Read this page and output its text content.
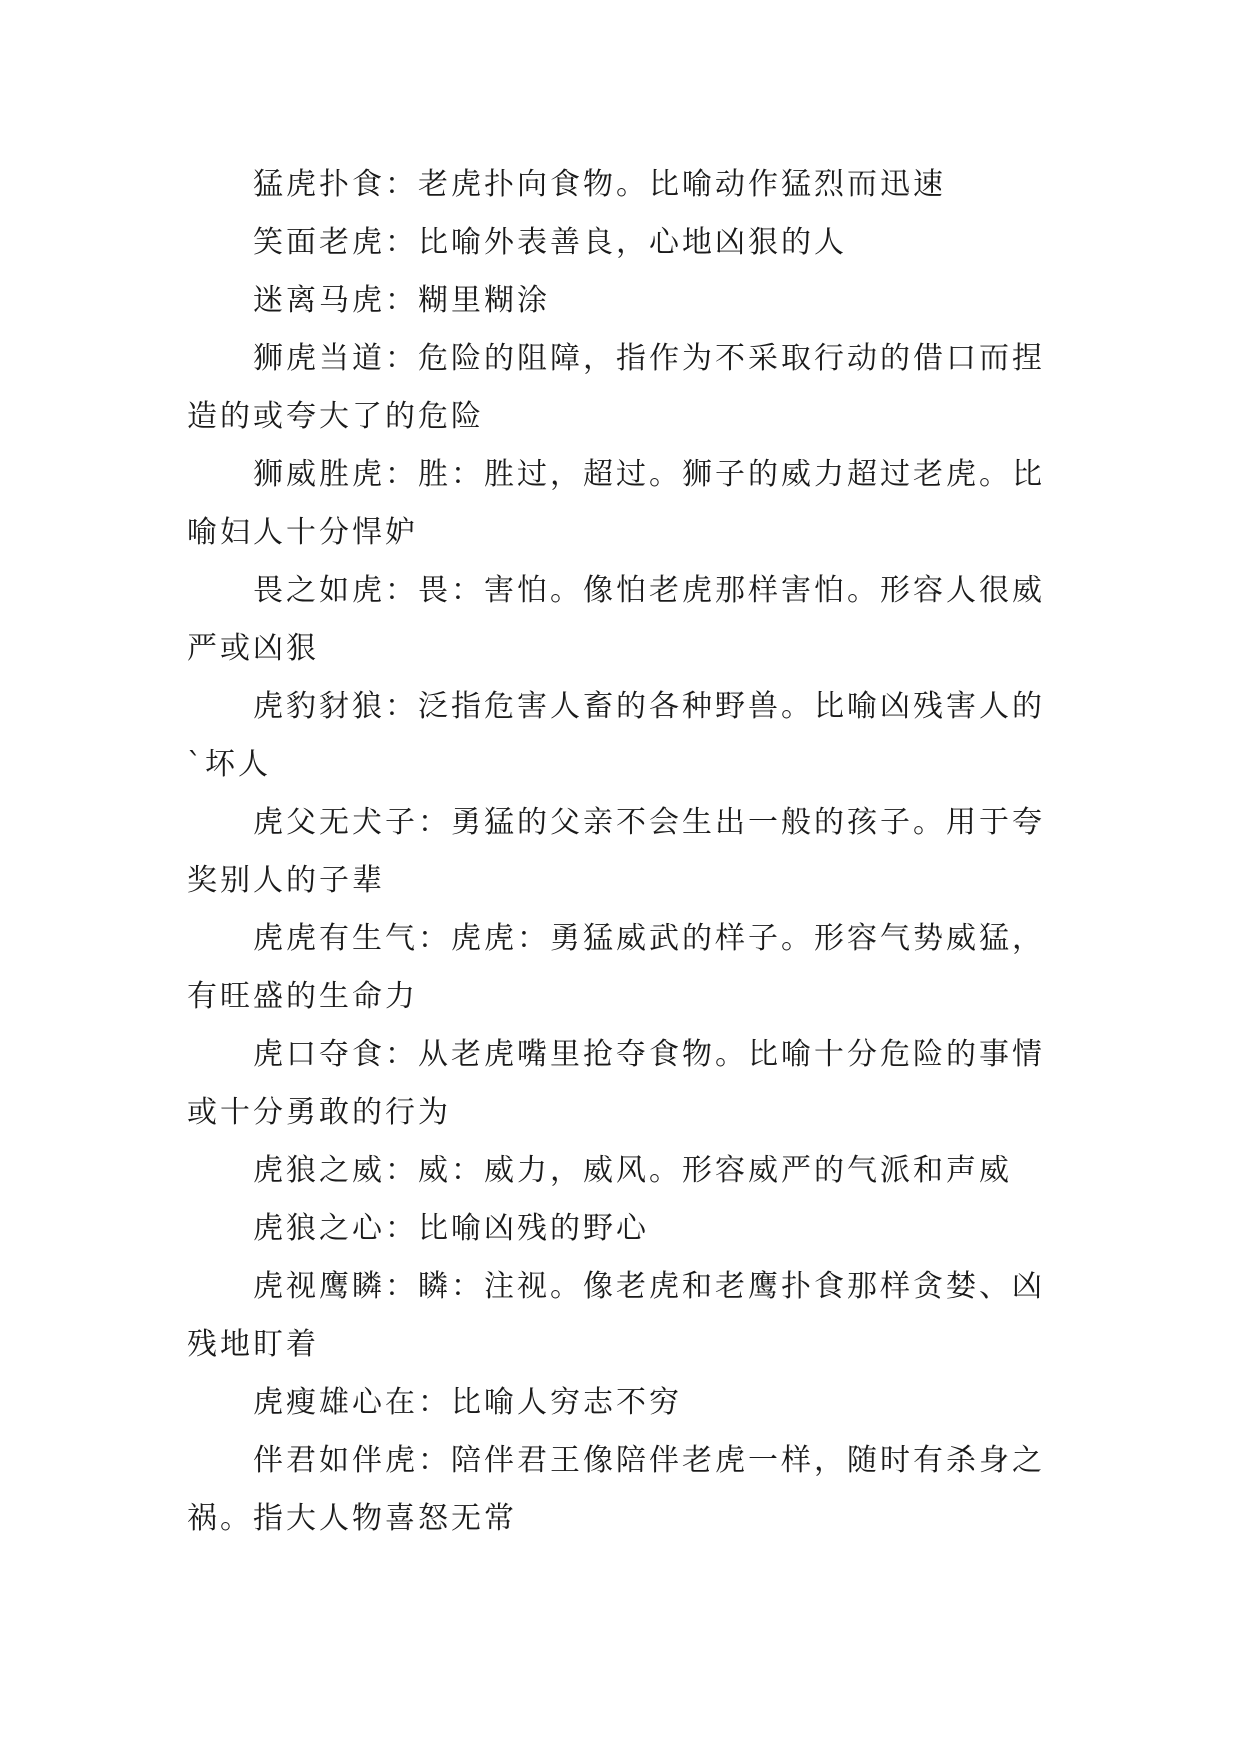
猛虎扑食：老虎扑向食物。比喻动作猛烈而迅速

笑面老虎：比喻外表善良，心地凶狠的人

迷离马虎：糊里糊涂

狮虎当道：危险的阻障，指作为不采取行动的借口而捏造的或夸大了的危险

狮威胜虎：胜：胜过，超过。狮子的威力超过老虎。比喻妇人十分悍妒

畏之如虎：畏：害怕。像怕老虎那样害怕。形容人很威严或凶狠

虎豹豺狼：泛指危害人畜的各种野兽。比喻凶残害人的`坏人

虎父无犬子：勇猛的父亲不会生出一般的孩子。用于夸奖别人的子辈

虎虎有生气：虎虎：勇猛威武的样子。形容气势威猛，有旺盛的生命力

虎口夺食：从老虎嘴里抢夺食物。比喻十分危险的事情或十分勇敢的行为

虎狼之威：威：威力，威风。形容威严的气派和声威

虎狼之心：比喻凶残的野心

虎视鹰瞵：瞵：注视。像老虎和老鹰扑食那样贪婪、凶残地盯着

虎瘦雄心在：比喻人穷志不穷

伴君如伴虎：陪伴君王像陪伴老虎一样，随时有杀身之祸。指大人物喜怒无常
